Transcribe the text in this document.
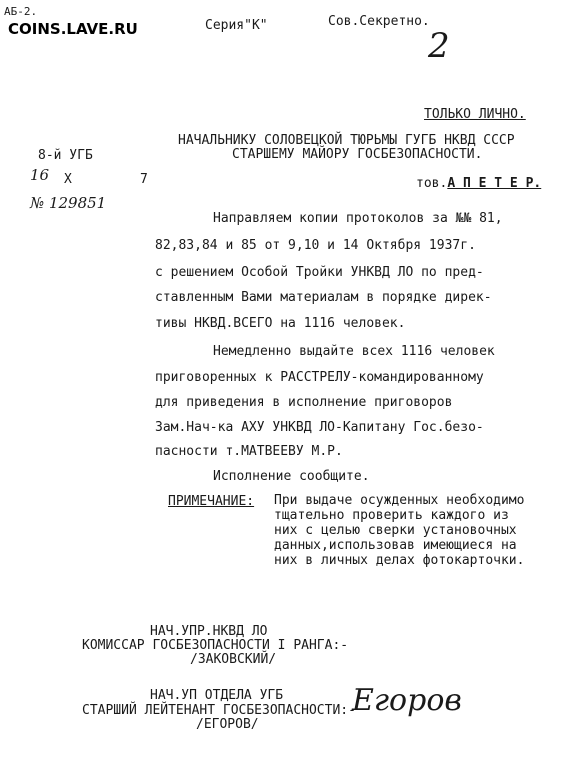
АБ-2.
COINS.LAVE.RU	Серия"К"	Сов.Секретно.
2
ТОЛЬКО ЛИЧНО.
8-й УГБ
16 Х	7
№ 129851
НАЧАЛЬНИКУ СОЛОВЕЦКОЙ ТЮРЬМЫ ГУГБ НКВД СССР
СТАРШЕМУ МАЙОРУ ГОСБЕЗОПАСНОСТИ.
тов.А П Е Т Е Р.
Направляем копии протоколов за №№ 81,
82,83,84 и 85 от 9,10 и 14 Октября 1937г.
с решением Особой Тройки УНКВД ЛО по пред-
ставленным Вами материалам в порядке дирек-
тивы НКВД.ВСЕГО на 1116 человек.
Немедленно выдайте всех 1116 человек
приговоренных к РАССТРЕЛУ-командированному
для приведения в исполнение приговоров
Зам.Нач-ка АХУ УНКВД ЛО-Капитану Гос.безо-
пасности т.МАТВЕЕВУ М.Р.
Исполнение сообщите.
ПРИМЕЧАНИЕ: При выдаче осужденных необходимо
тщательно проверить каждого из
них с целью сверки установочных
данных,использовав имеющиеся на
них в личных делах фотокарточки.
НАЧ.УПР.НКВД ЛО
КОМИССАР ГОСБЕЗОПАСНОСТИ I РАНГА:-
/ЗАКОВСКИЙ/
НАЧ.УП ОТДЕЛА УГБ
СТАРШИЙ ЛЕЙТЕНАНТ ГОСБЕЗОПАСНОСТИ:-
/ЕГОРОВ/
Егоров
